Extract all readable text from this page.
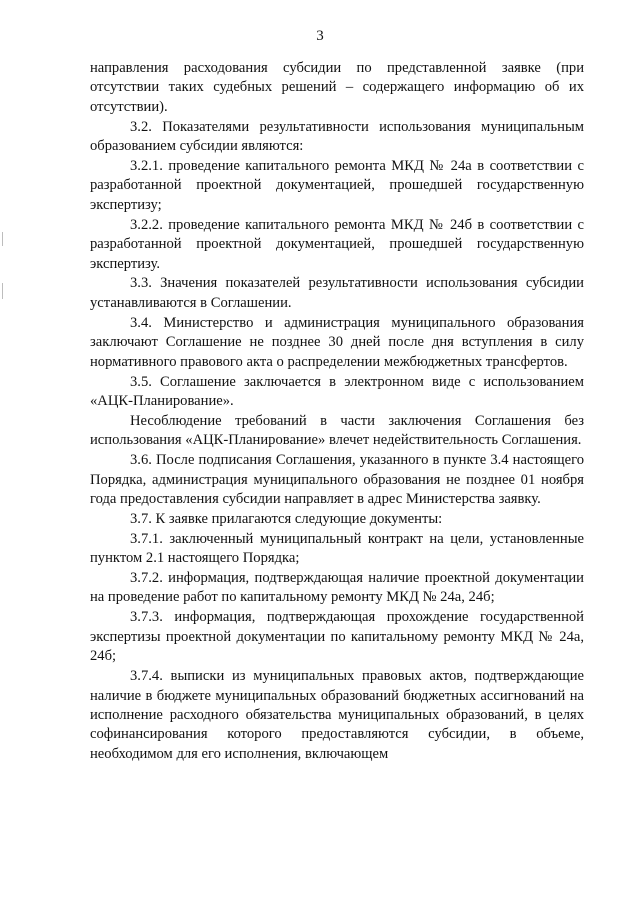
3

направления расходования субсидии по представленной заявке (при отсутствии таких судебных решений – содержащего информацию об их отсутствии).

3.2. Показателями результативности использования муниципальным образованием субсидии являются:

3.2.1. проведение капитального ремонта МКД № 24а в соответствии с разработанной проектной документацией, прошедшей государственную экспертизу;

3.2.2. проведение капитального ремонта МКД № 24б в соответствии с разработанной проектной документацией, прошедшей государственную экспертизу.

3.3. Значения показателей результативности использования субсидии устанавливаются в Соглашении.

3.4. Министерство и администрация муниципального образования заключают Соглашение не позднее 30 дней после дня вступления в силу нормативного правового акта о распределении межбюджетных трансфертов.

3.5. Соглашение заключается в электронном виде с использованием «АЦК-Планирование».

Несоблюдение требований в части заключения Соглашения без использования «АЦК-Планирование» влечет недействительность Соглашения.

3.6. После подписания Соглашения, указанного в пункте 3.4 настоящего Порядка, администрация муниципального образования не позднее 01 ноября года предоставления субсидии направляет в адрес Министерства заявку.

3.7. К заявке прилагаются следующие документы:

3.7.1. заключенный муниципальный контракт на цели, установленные пунктом 2.1 настоящего Порядка;

3.7.2. информация, подтверждающая наличие проектной документации на проведение работ по капитальному ремонту МКД № 24а, 24б;

3.7.3. информация, подтверждающая прохождение государственной экспертизы проектной документации по капитальному ремонту МКД № 24а, 24б;

3.7.4. выписки из муниципальных правовых актов, подтверждающие наличие в бюджете муниципальных образований бюджетных ассигнований на исполнение расходного обязательства муниципальных образований, в целях софинансирования которого предоставляются субсидии, в объеме, необходимом для его исполнения, включающем
